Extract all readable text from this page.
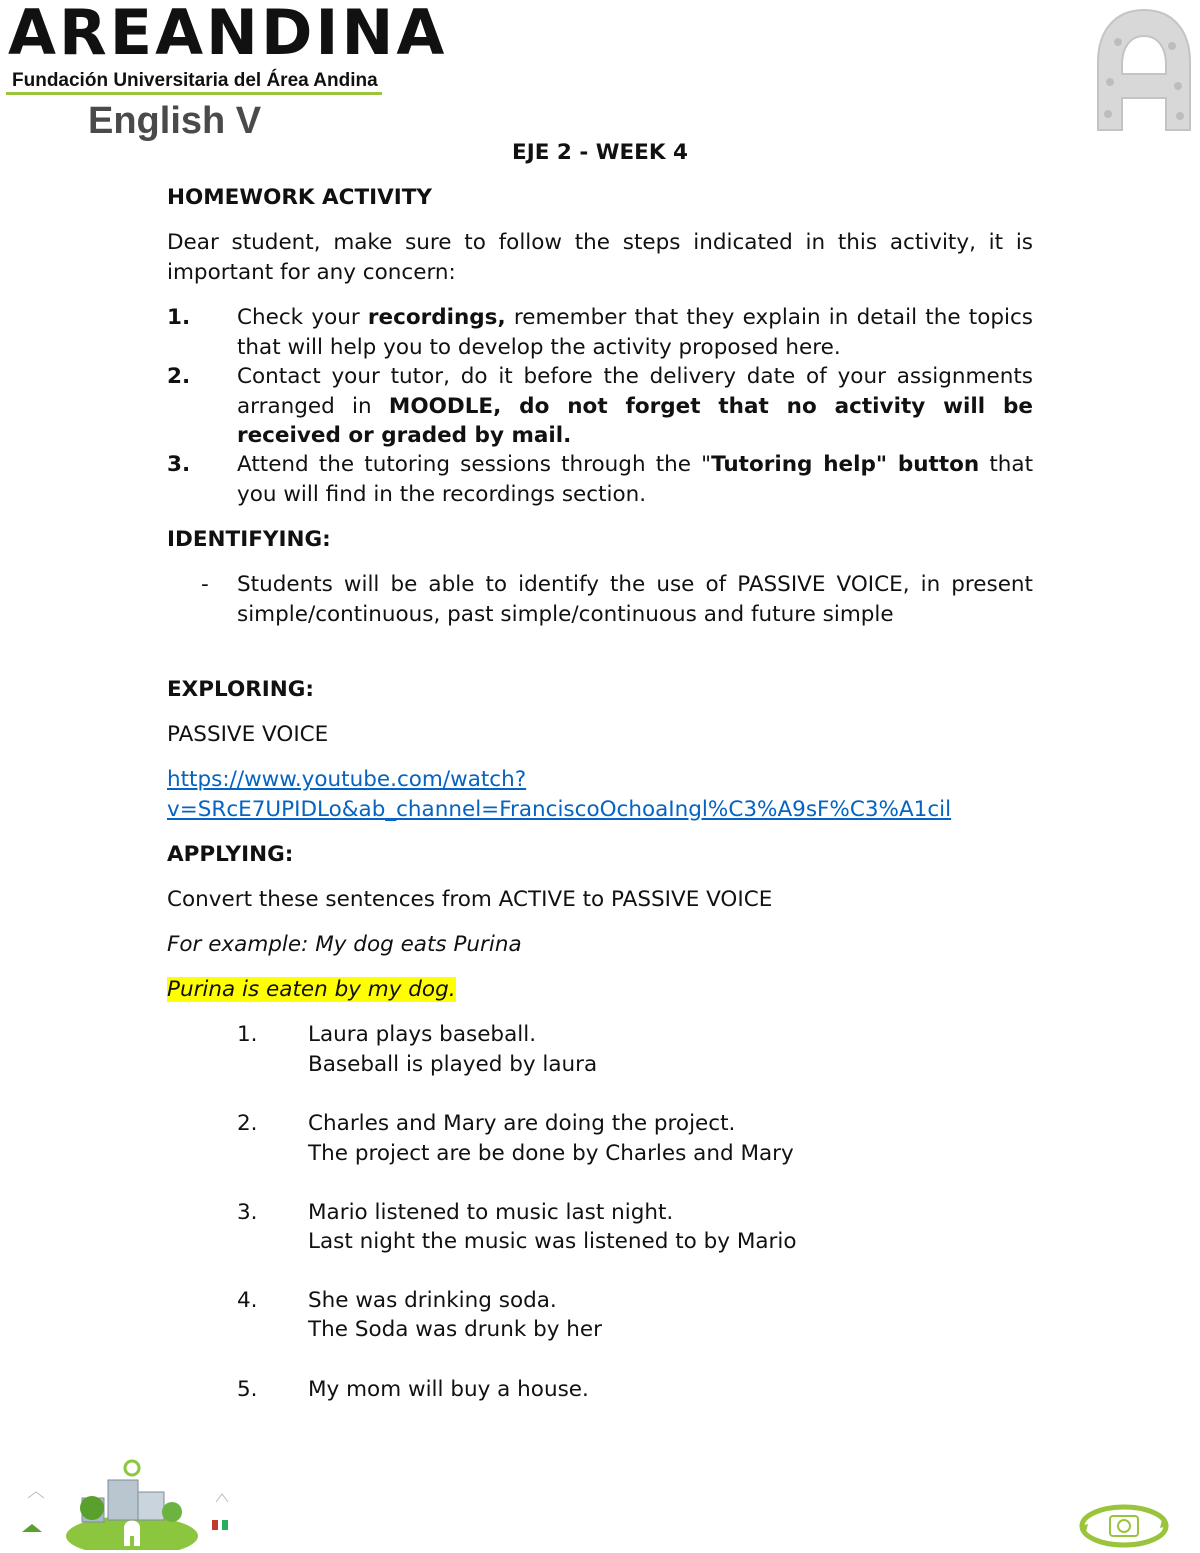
AREANDINA
Fundación Universitaria del Área Andina
English V
EJE 2 - WEEK 4
HOMEWORK ACTIVITY
Dear student, make sure to follow the steps indicated in this activity, it is important for any concern:
1.	Check your recordings, remember that they explain in detail the topics that will help you to develop the activity proposed here.
2.	Contact your tutor, do it before the delivery date of your assignments arranged in MOODLE, do not forget that no activity will be received or graded by mail.
3.	Attend the tutoring sessions through the "Tutoring help" button that you will find in the recordings section.
IDENTIFYING:
- Students will be able to identify the use of PASSIVE VOICE, in present simple/continuous, past simple/continuous and future simple
EXPLORING:
PASSIVE VOICE
https://www.youtube.com/watch?
v=SRcE7UPIDLo&ab_channel=FranciscoOchoaIngl%C3%A9sF%C3%A1cil
APPLYING:
Convert these sentences from ACTIVE to PASSIVE VOICE
For example: My dog eats Purina
Purina is eaten by my dog.
1.	Laura plays baseball.
Baseball is played by laura
2.	Charles and Mary are doing the project.
The project are be done by Charles and Mary
3.	Mario listened to music last night.
Last night the music was listened to by Mario
4.	She was drinking soda.
The Soda was drunk by her
5.	My mom will buy a house.
